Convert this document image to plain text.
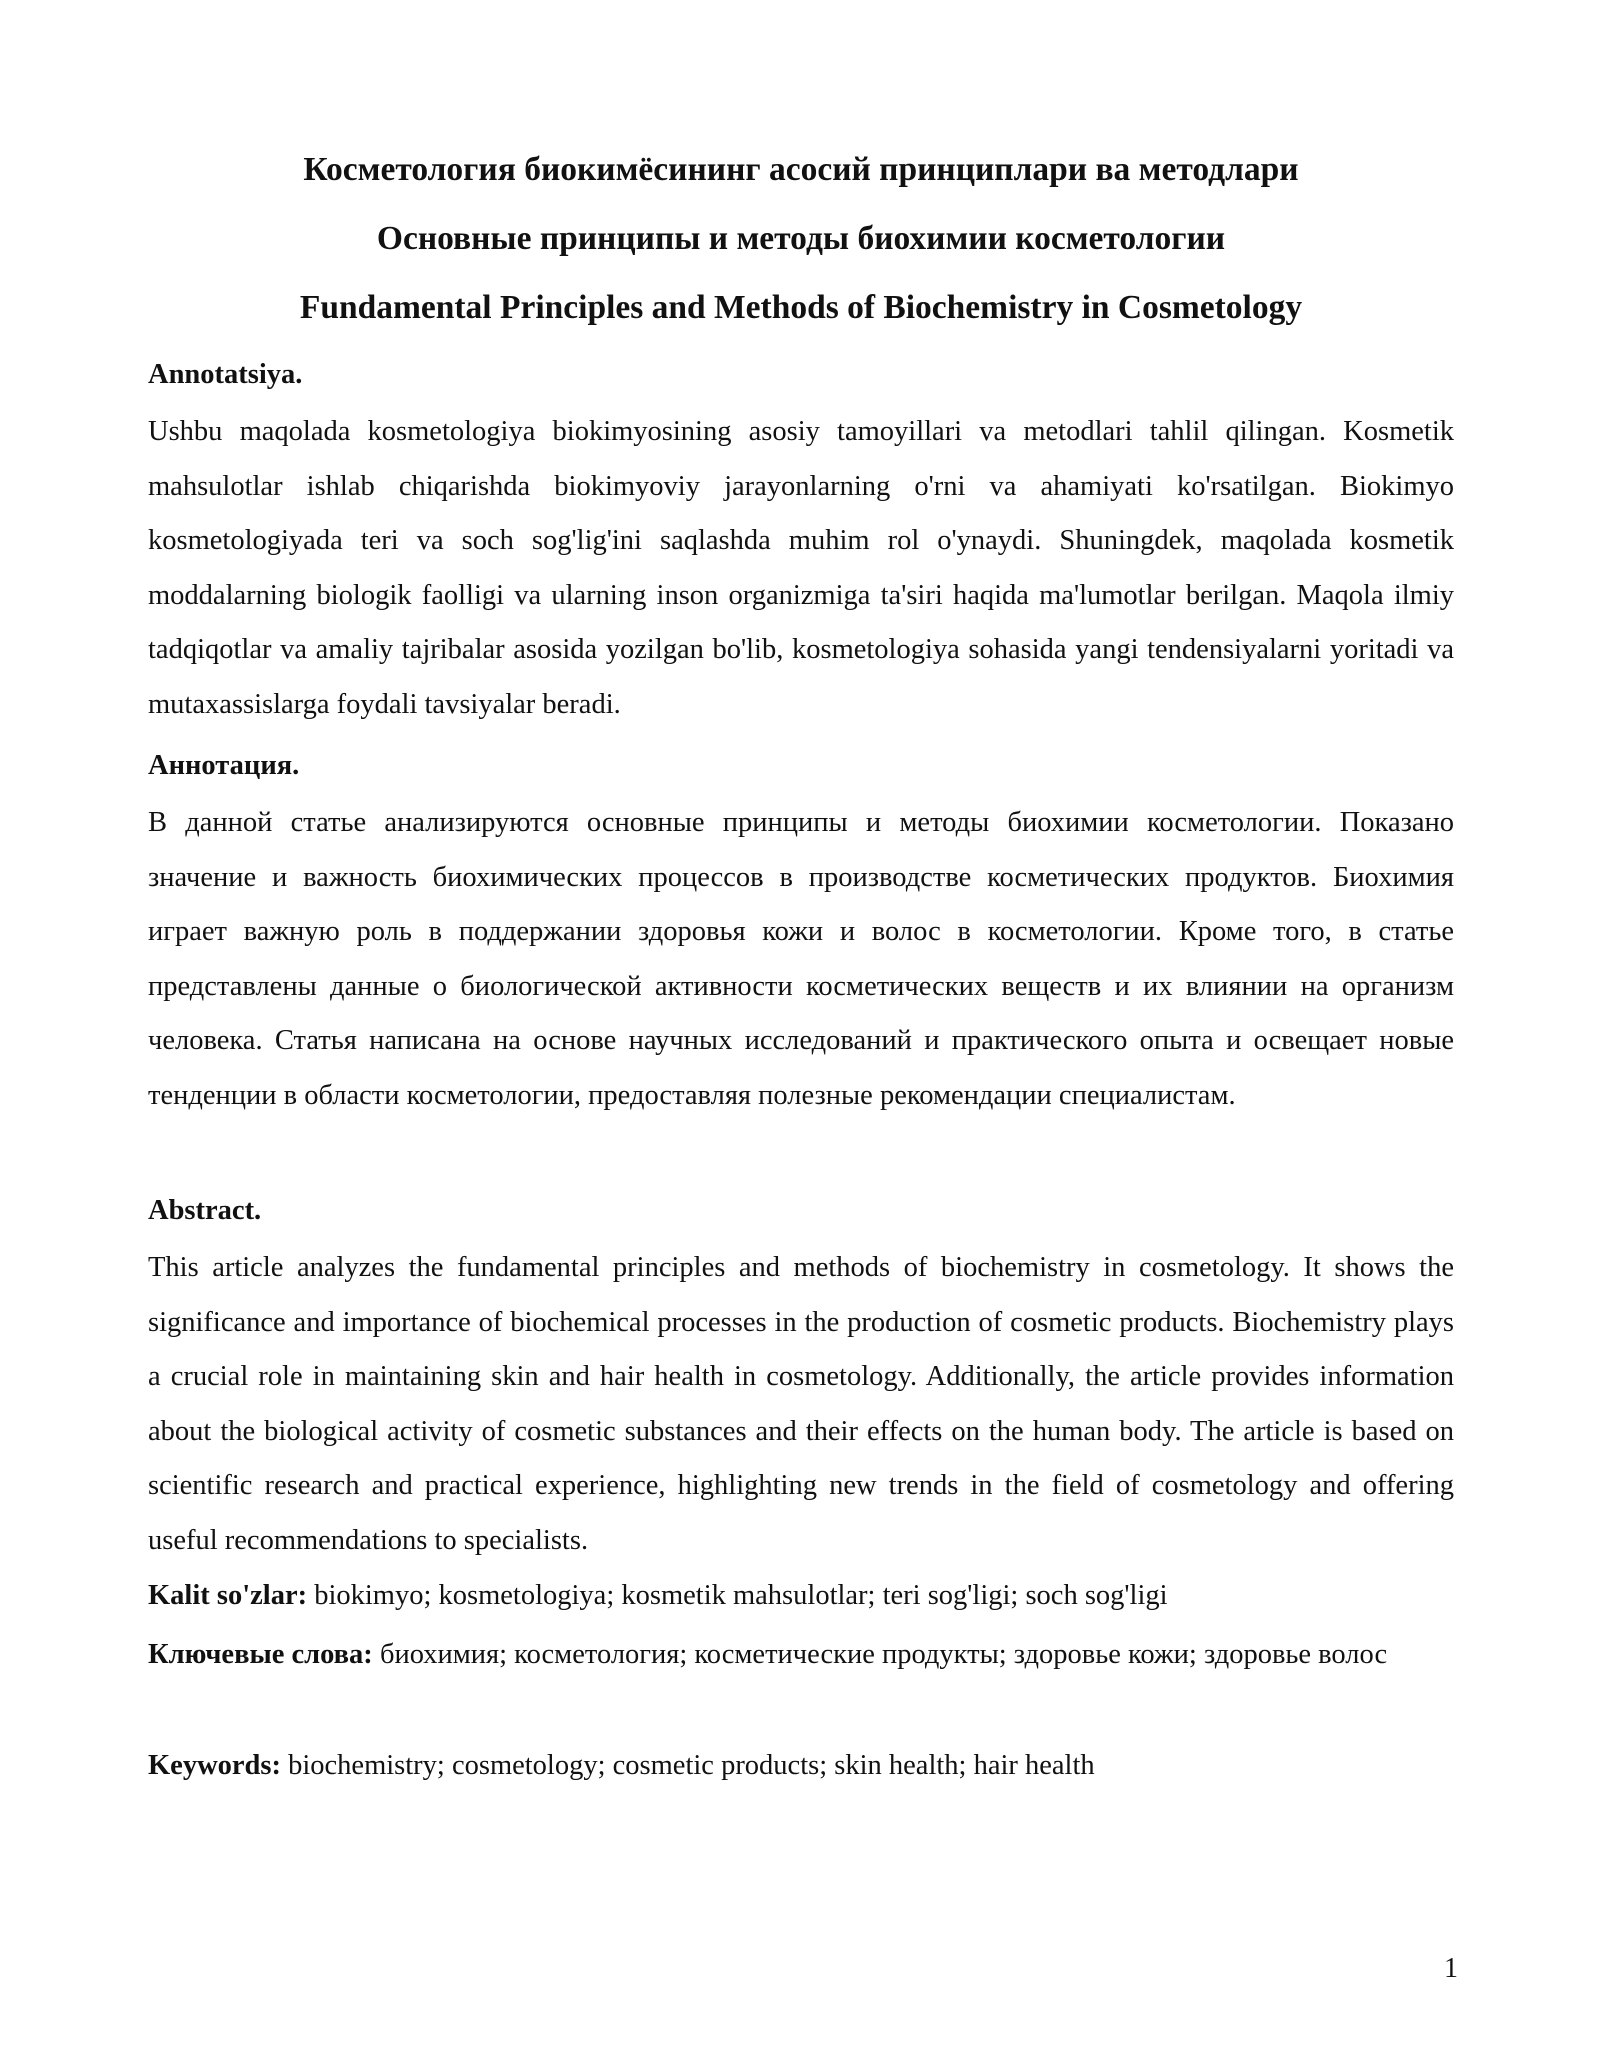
Косметология биокимёсининг асосий принциплари ва методлари
Основные принципы и методы биохимии косметологии
Fundamental Principles and Methods of Biochemistry in Cosmetology
Annotatsiya.

Ushbu maqolada kosmetologiya biokimyosining asosiy tamoyillari va metodlari tahlil qilingan. Kosmetik mahsulotlar ishlab chiqarishda biokimyoviy jarayonlarning o'rni va ahamiyati ko'rsatilgan. Biokimyo kosmetologiyada teri va soch sog'lig'ini saqlashda muhim rol o'ynaydi. Shuningdek, maqolada kosmetik moddalarning biologik faolligi va ularning inson organizmiga ta'siri haqida ma'lumotlar berilgan. Maqola ilmiy tadqiqotlar va amaliy tajribalar asosida yozilgan bo'lib, kosmetologiya sohasida yangi tendensiyalarni yoritadi va mutaxassislarga foydali tavsiyalar beradi.

Аннотация.

В данной статье анализируются основные принципы и методы биохимии косметологии. Показано значение и важность биохимических процессов в производстве косметических продуктов. Биохимия играет важную роль в поддержании здоровья кожи и волос в косметологии. Кроме того, в статье представлены данные о биологической активности косметических веществ и их влиянии на организм человека. Статья написана на основе научных исследований и практического опыта и освещает новые тенденции в области косметологии, предоставляя полезные рекомендации специалистам.

Abstract.

This article analyzes the fundamental principles and methods of biochemistry in cosmetology. It shows the significance and importance of biochemical processes in the production of cosmetic products. Biochemistry plays a crucial role in maintaining skin and hair health in cosmetology. Additionally, the article provides information about the biological activity of cosmetic substances and their effects on the human body. The article is based on scientific research and practical experience, highlighting new trends in the field of cosmetology and offering useful recommendations to specialists.

Kalit so'zlar: biokimyo; kosmetologiya; kosmetik mahsulotlar; teri sog'ligi; soch sog'ligi

Ключевые слова: биохимия; косметология; косметические продукты; здоровье кожи; здоровье волос

Keywords: biochemistry; cosmetology; cosmetic products; skin health; hair health

1
